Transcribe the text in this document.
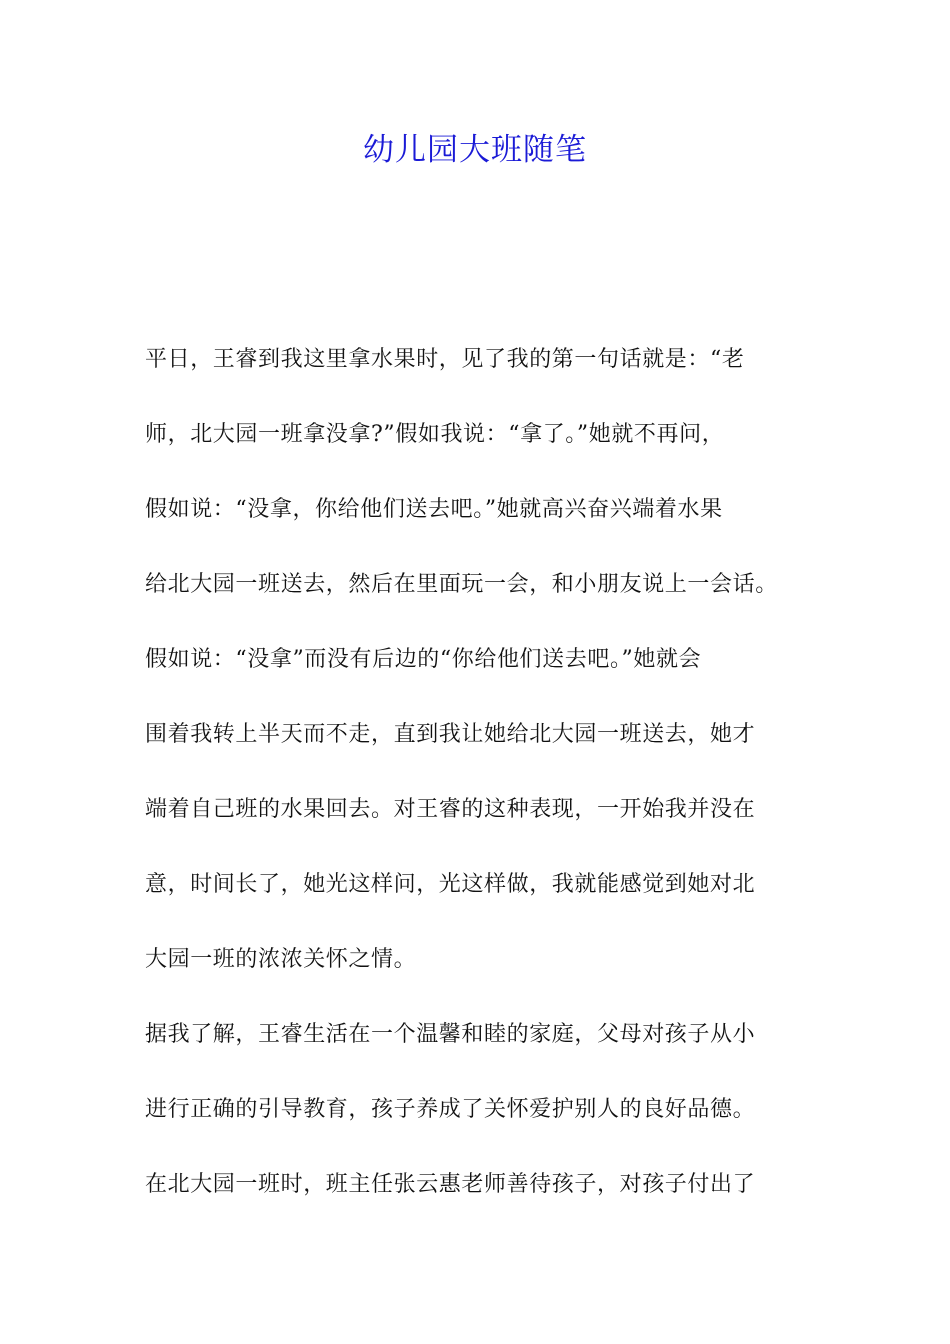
幼儿园大班随笔
平日，王睿到我这里拿水果时，见了我的第一句话就是：“老
师，北大园一班拿没拿?”假如我说：“拿了。”她就不再问，
假如说：“没拿，你给他们送去吧。”她就高兴奋兴端着水果
给北大园一班送去，然后在里面玩一会，和小朋友说上一会话。
假如说：“没拿”而没有后边的“你给他们送去吧。”她就会
围着我转上半天而不走，直到我让她给北大园一班送去，她才
端着自己班的水果回去。对王睿的这种表现，一开始我并没在
意，时间长了，她光这样问，光这样做，我就能感觉到她对北
大园一班的浓浓关怀之情。
据我了解，王睿生活在一个温馨和睦的家庭，父母对孩子从小
进行正确的引导教育，孩子养成了关怀爱护别人的良好品德。
在北大园一班时，班主任张云惠老师善待孩子，对孩子付出了
